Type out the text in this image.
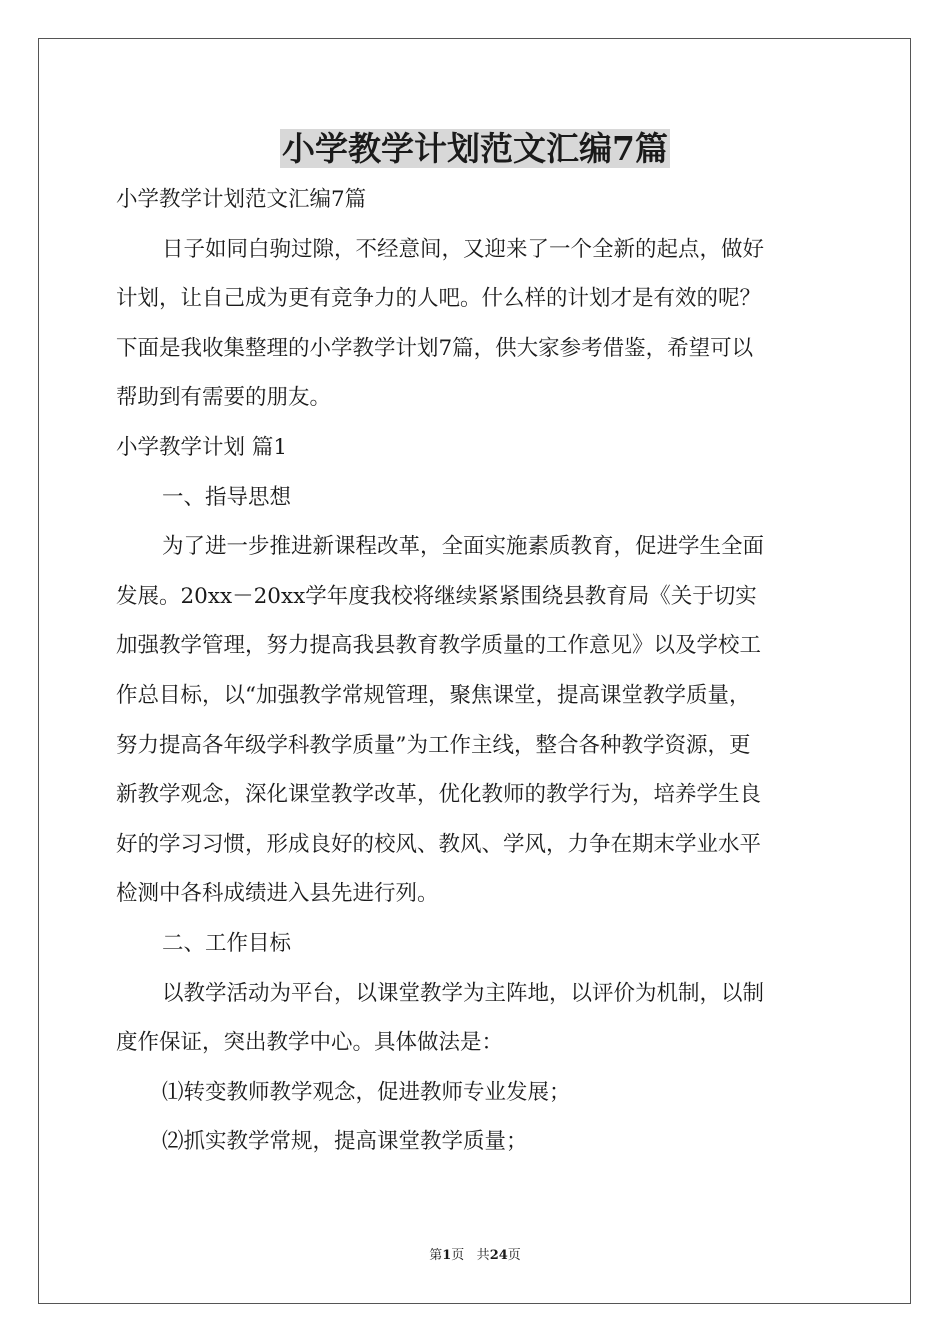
小学教学计划范文汇编7篇
小学教学计划范文汇编7篇
日子如同白驹过隙，不经意间，又迎来了一个全新的起点，做好
计划，让自己成为更有竞争力的人吧。什么样的计划才是有效的呢？
下面是我收集整理的小学教学计划7篇，供大家参考借鉴，希望可以
帮助到有需要的朋友。
小学教学计划 篇1
一、指导思想
为了进一步推进新课程改革，全面实施素质教育，促进学生全面
发展。20xx－20xx学年度我校将继续紧紧围绕县教育局《关于切实
加强教学管理，努力提高我县教育教学质量的工作意见》以及学校工
作总目标，以“加强教学常规管理，聚焦课堂，提高课堂教学质量，
努力提高各年级学科教学质量”为工作主线，整合各种教学资源，更
新教学观念，深化课堂教学改革，优化教师的教学行为，培养学生良
好的学习习惯，形成良好的校风、教风、学风，力争在期末学业水平
检测中各科成绩进入县先进行列。
二、工作目标
以教学活动为平台，以课堂教学为主阵地，以评价为机制，以制
度作保证，突出教学中心。具体做法是：
⑴转变教师教学观念，促进教师专业发展；
⑵抓实教学常规，提高课堂教学质量；
第1页 共24页
